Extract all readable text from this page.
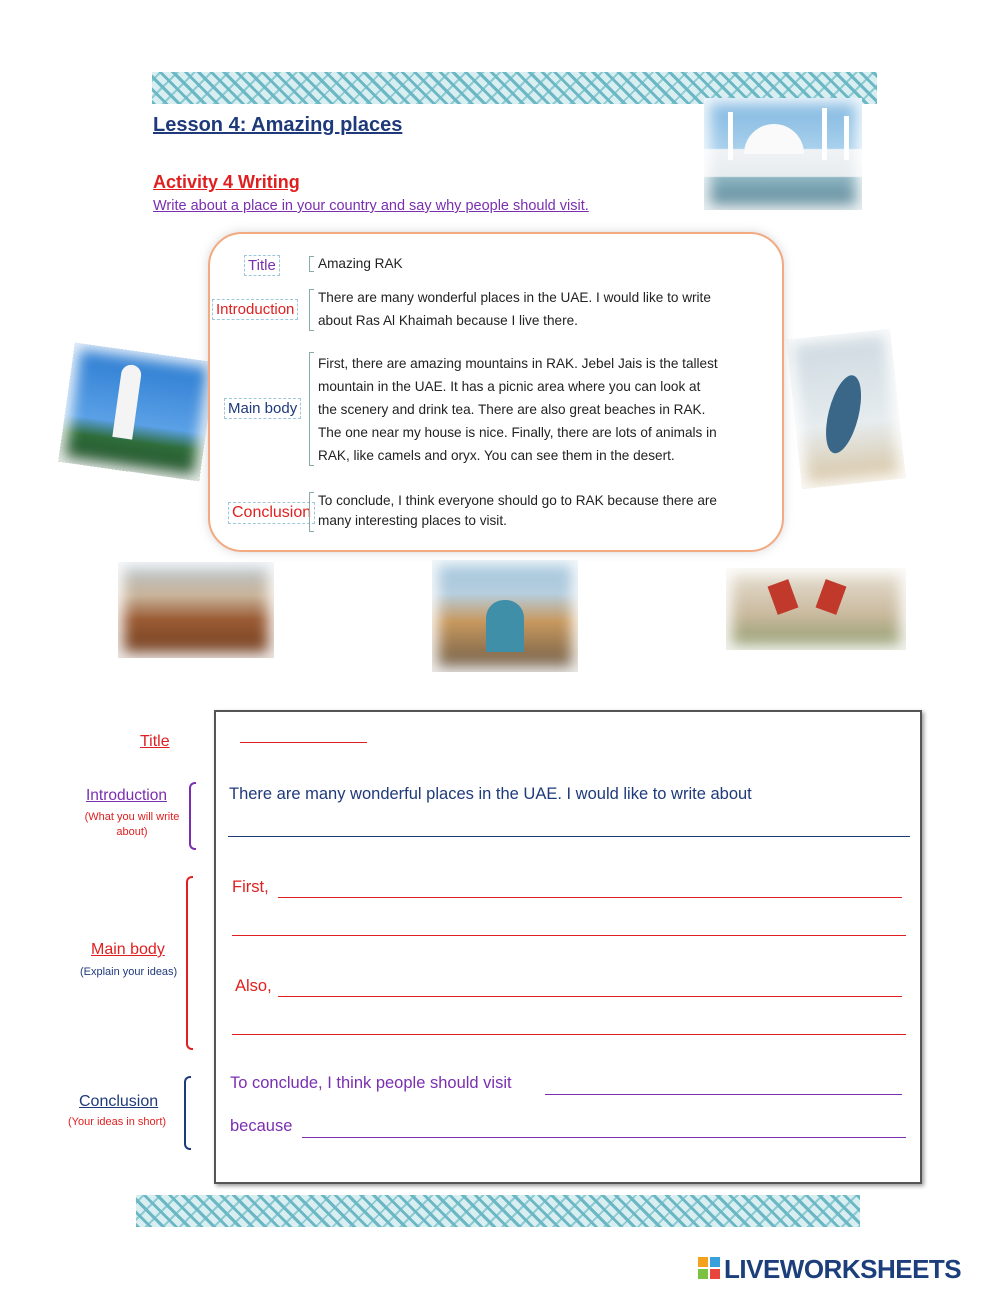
Lesson 4: Amazing places
Activity 4 Writing
Write about a place in your country and say why people should visit.
Title
Introduction
Main body
Conclusion
Amazing RAK
There are many wonderful places in the UAE. I would like to write
about Ras Al Khaimah because I live there.
First, there are amazing mountains in RAK. Jebel Jais is the tallest
mountain in the UAE. It has a picnic area where you can look at
the scenery and drink tea. There are also great beaches in RAK.
The one near my house is nice. Finally, there are lots of animals in
RAK, like camels and oryx. You can see them in the desert.
To conclude, I think everyone should go to RAK because there are
many interesting places to visit.
Title
Introduction
(What you will write about)
Main body
(Explain your ideas)
Conclusion
(Your ideas in short)
There are many wonderful places in the UAE. I would like to write about
First,
Also,
To conclude, I think people should visit
because
LIVEWORKSHEETS
